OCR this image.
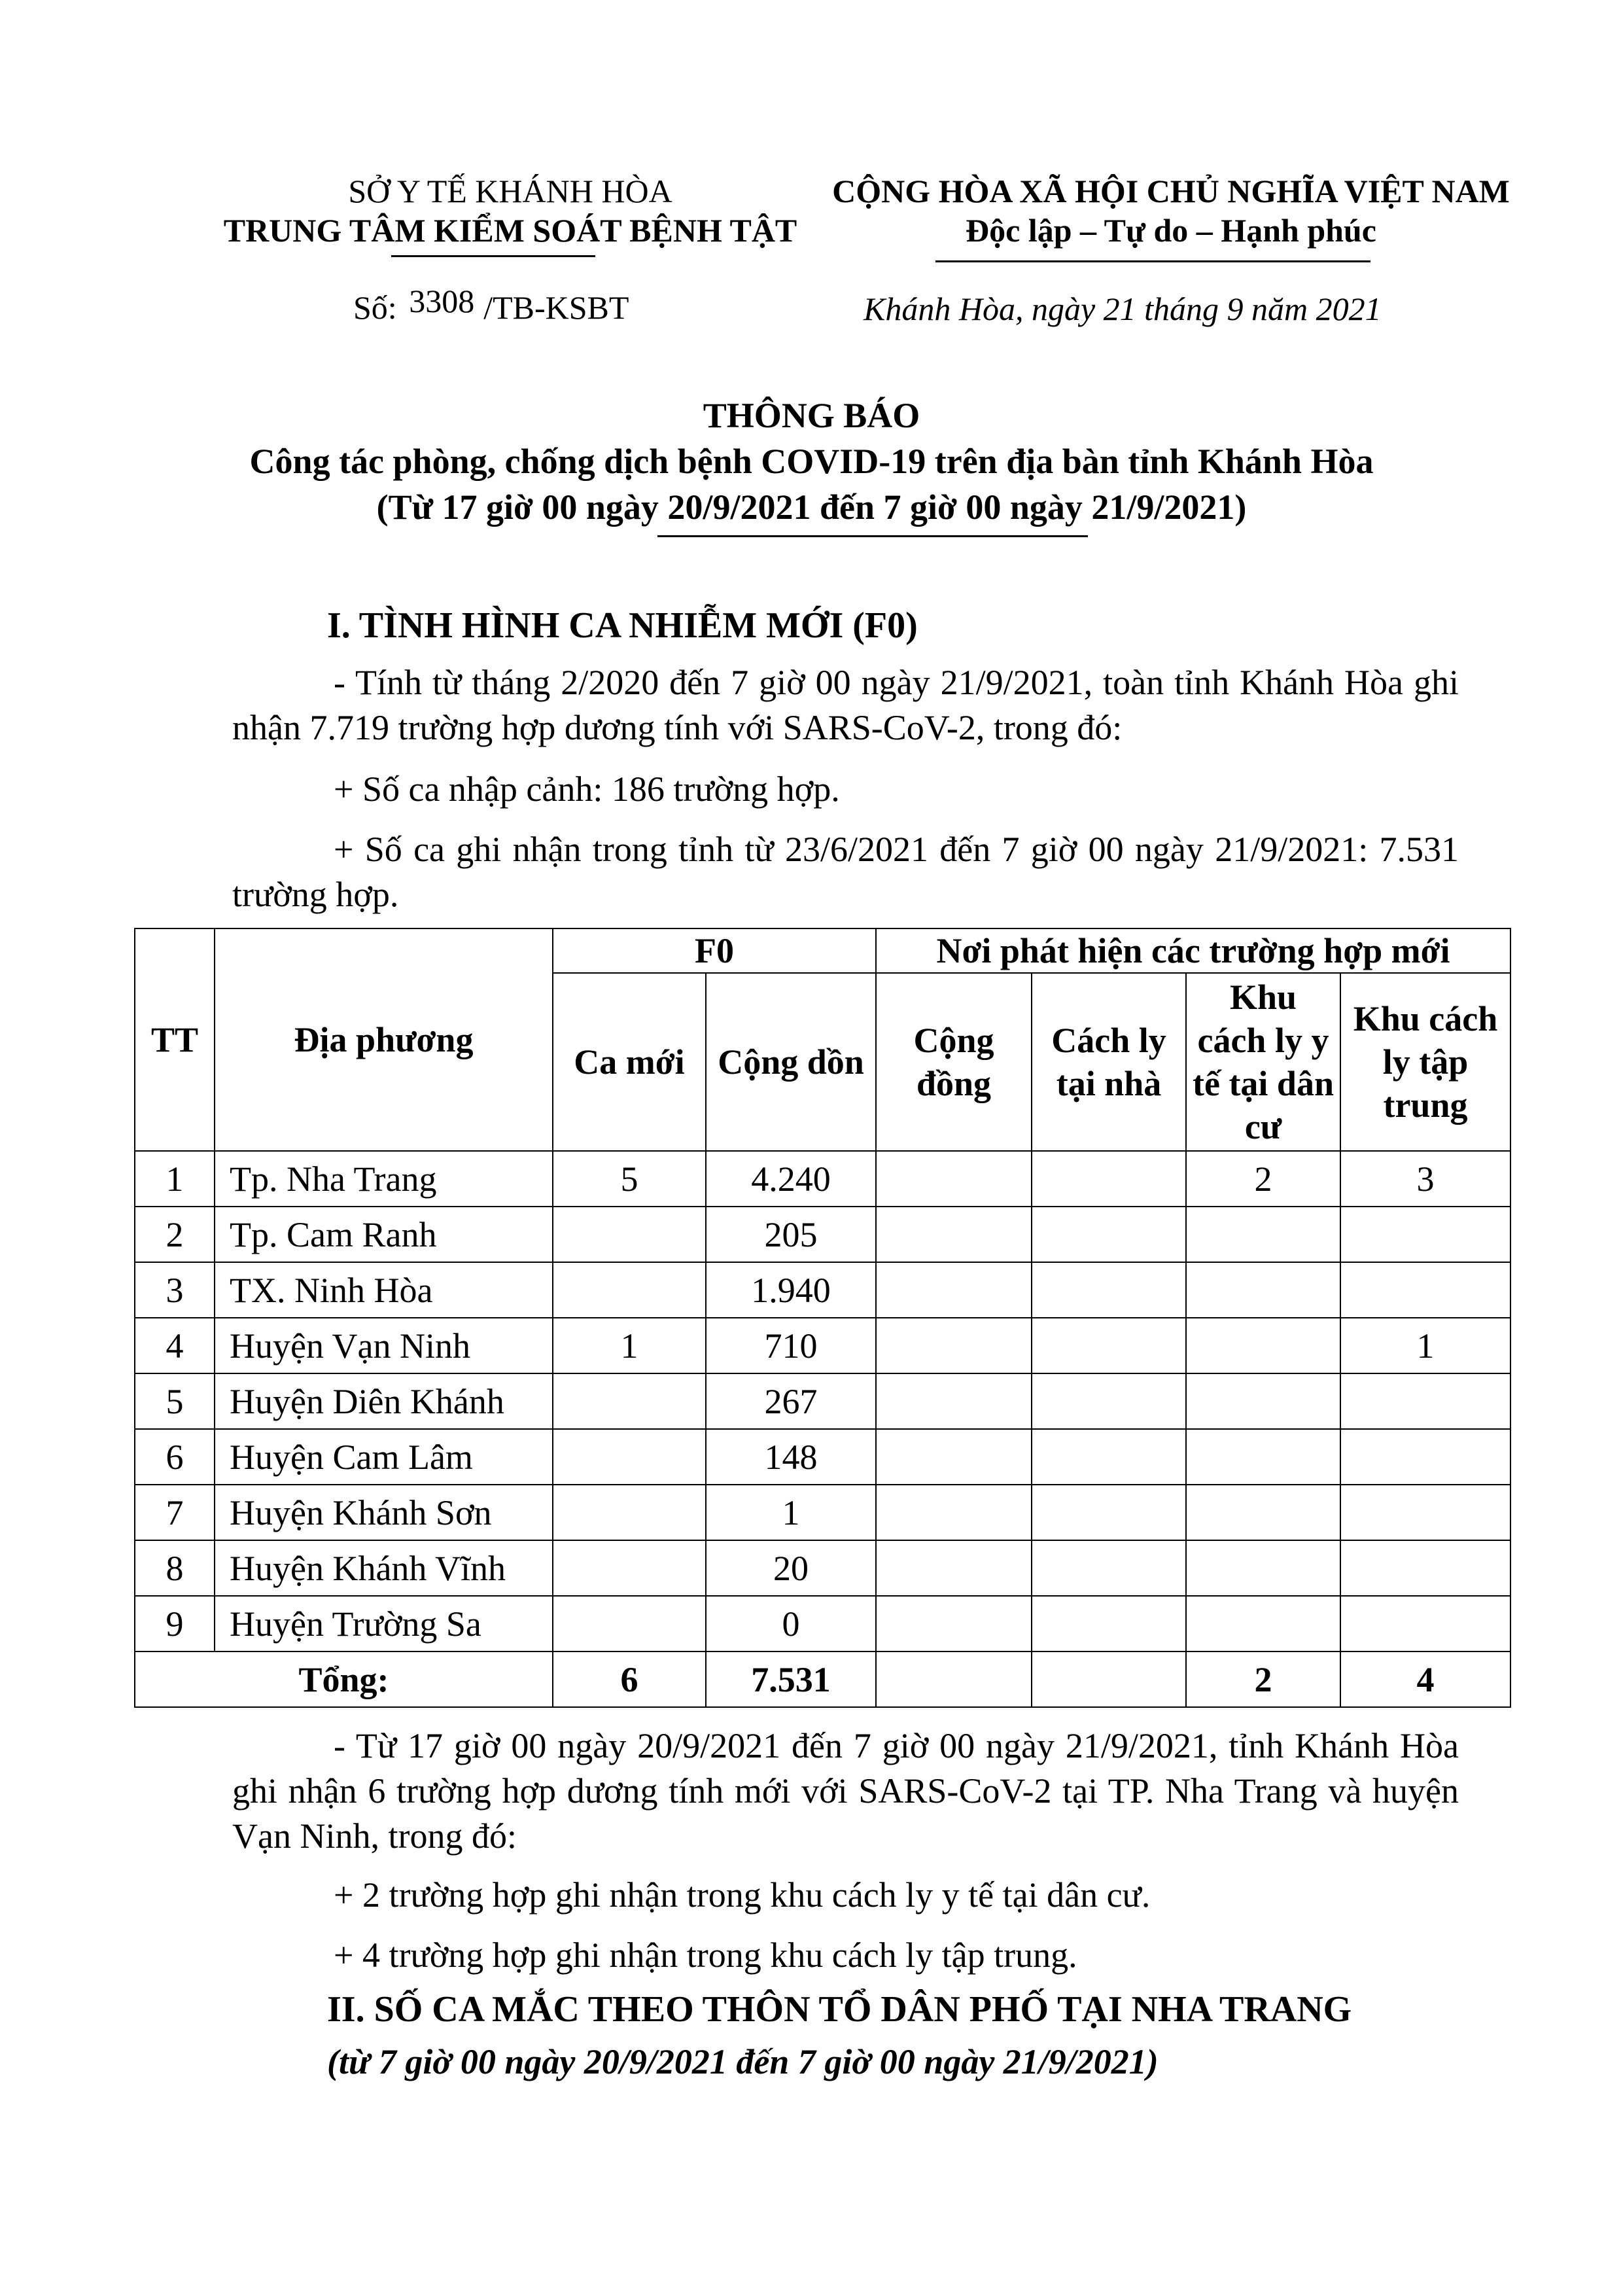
SỞ Y TẾ KHÁNH HÒA
TRUNG TÂM KIỂM SOÁT BỆNH TẬT
CỘNG HÒA XÃ HỘI CHỦ NGHĨA VIỆT NAM
Độc lập – Tự do – Hạnh phúc
Số: 3308 /TB-KSBT	Khánh Hòa, ngày 21 tháng 9 năm 2021
THÔNG BÁO
Công tác phòng, chống dịch bệnh COVID-19 trên địa bàn tỉnh Khánh Hòa
(Từ 17 giờ 00 ngày 20/9/2021 đến 7 giờ 00 ngày 21/9/2021)
I. TÌNH HÌNH CA NHIỄM MỚI (F0)

- Tính từ tháng 2/2020 đến 7 giờ 00 ngày 21/9/2021, toàn tỉnh Khánh Hòa ghi nhận 7.719 trường hợp dương tính với SARS-CoV-2, trong đó:

+ Số ca nhập cảnh: 186 trường hợp.

+ Số ca ghi nhận trong tỉnh từ 23/6/2021 đến 7 giờ 00 ngày 21/9/2021: 7.531 trường hợp.

TT	Địa phương	F0		Nơi phát hiện các trường hợp mới			
		Ca mới	Cộng dồn	Cộng đồng	Cách ly tại nhà	Khu cách ly y tế tại dân cư	Khu cách ly tập trung
1	Tp. Nha Trang	5	4.240			2	3
2	Tp. Cam Ranh		205				
3	TX. Ninh Hòa		1.940				
4	Huyện Vạn Ninh	1	710				1
5	Huyện Diên Khánh		267				
6	Huyện Cam Lâm		148				
7	Huyện Khánh Sơn		1				
8	Huyện Khánh Vĩnh		20				
9	Huyện Trường Sa		0				
Tổng:		6	7.531			2	4

- Từ 17 giờ 00 ngày 20/9/2021 đến 7 giờ 00 ngày 21/9/2021, tỉnh Khánh Hòa ghi nhận 6 trường hợp dương tính mới với SARS-CoV-2 tại TP. Nha Trang và huyện Vạn Ninh, trong đó:

+ 2 trường hợp ghi nhận trong khu cách ly y tế tại dân cư.

+ 4 trường hợp ghi nhận trong khu cách ly tập trung.

II. SỐ CA MẮC THEO THÔN TỔ DÂN PHỐ TẠI NHA TRANG
(từ 7 giờ 00 ngày 20/9/2021 đến 7 giờ 00 ngày 21/9/2021)
